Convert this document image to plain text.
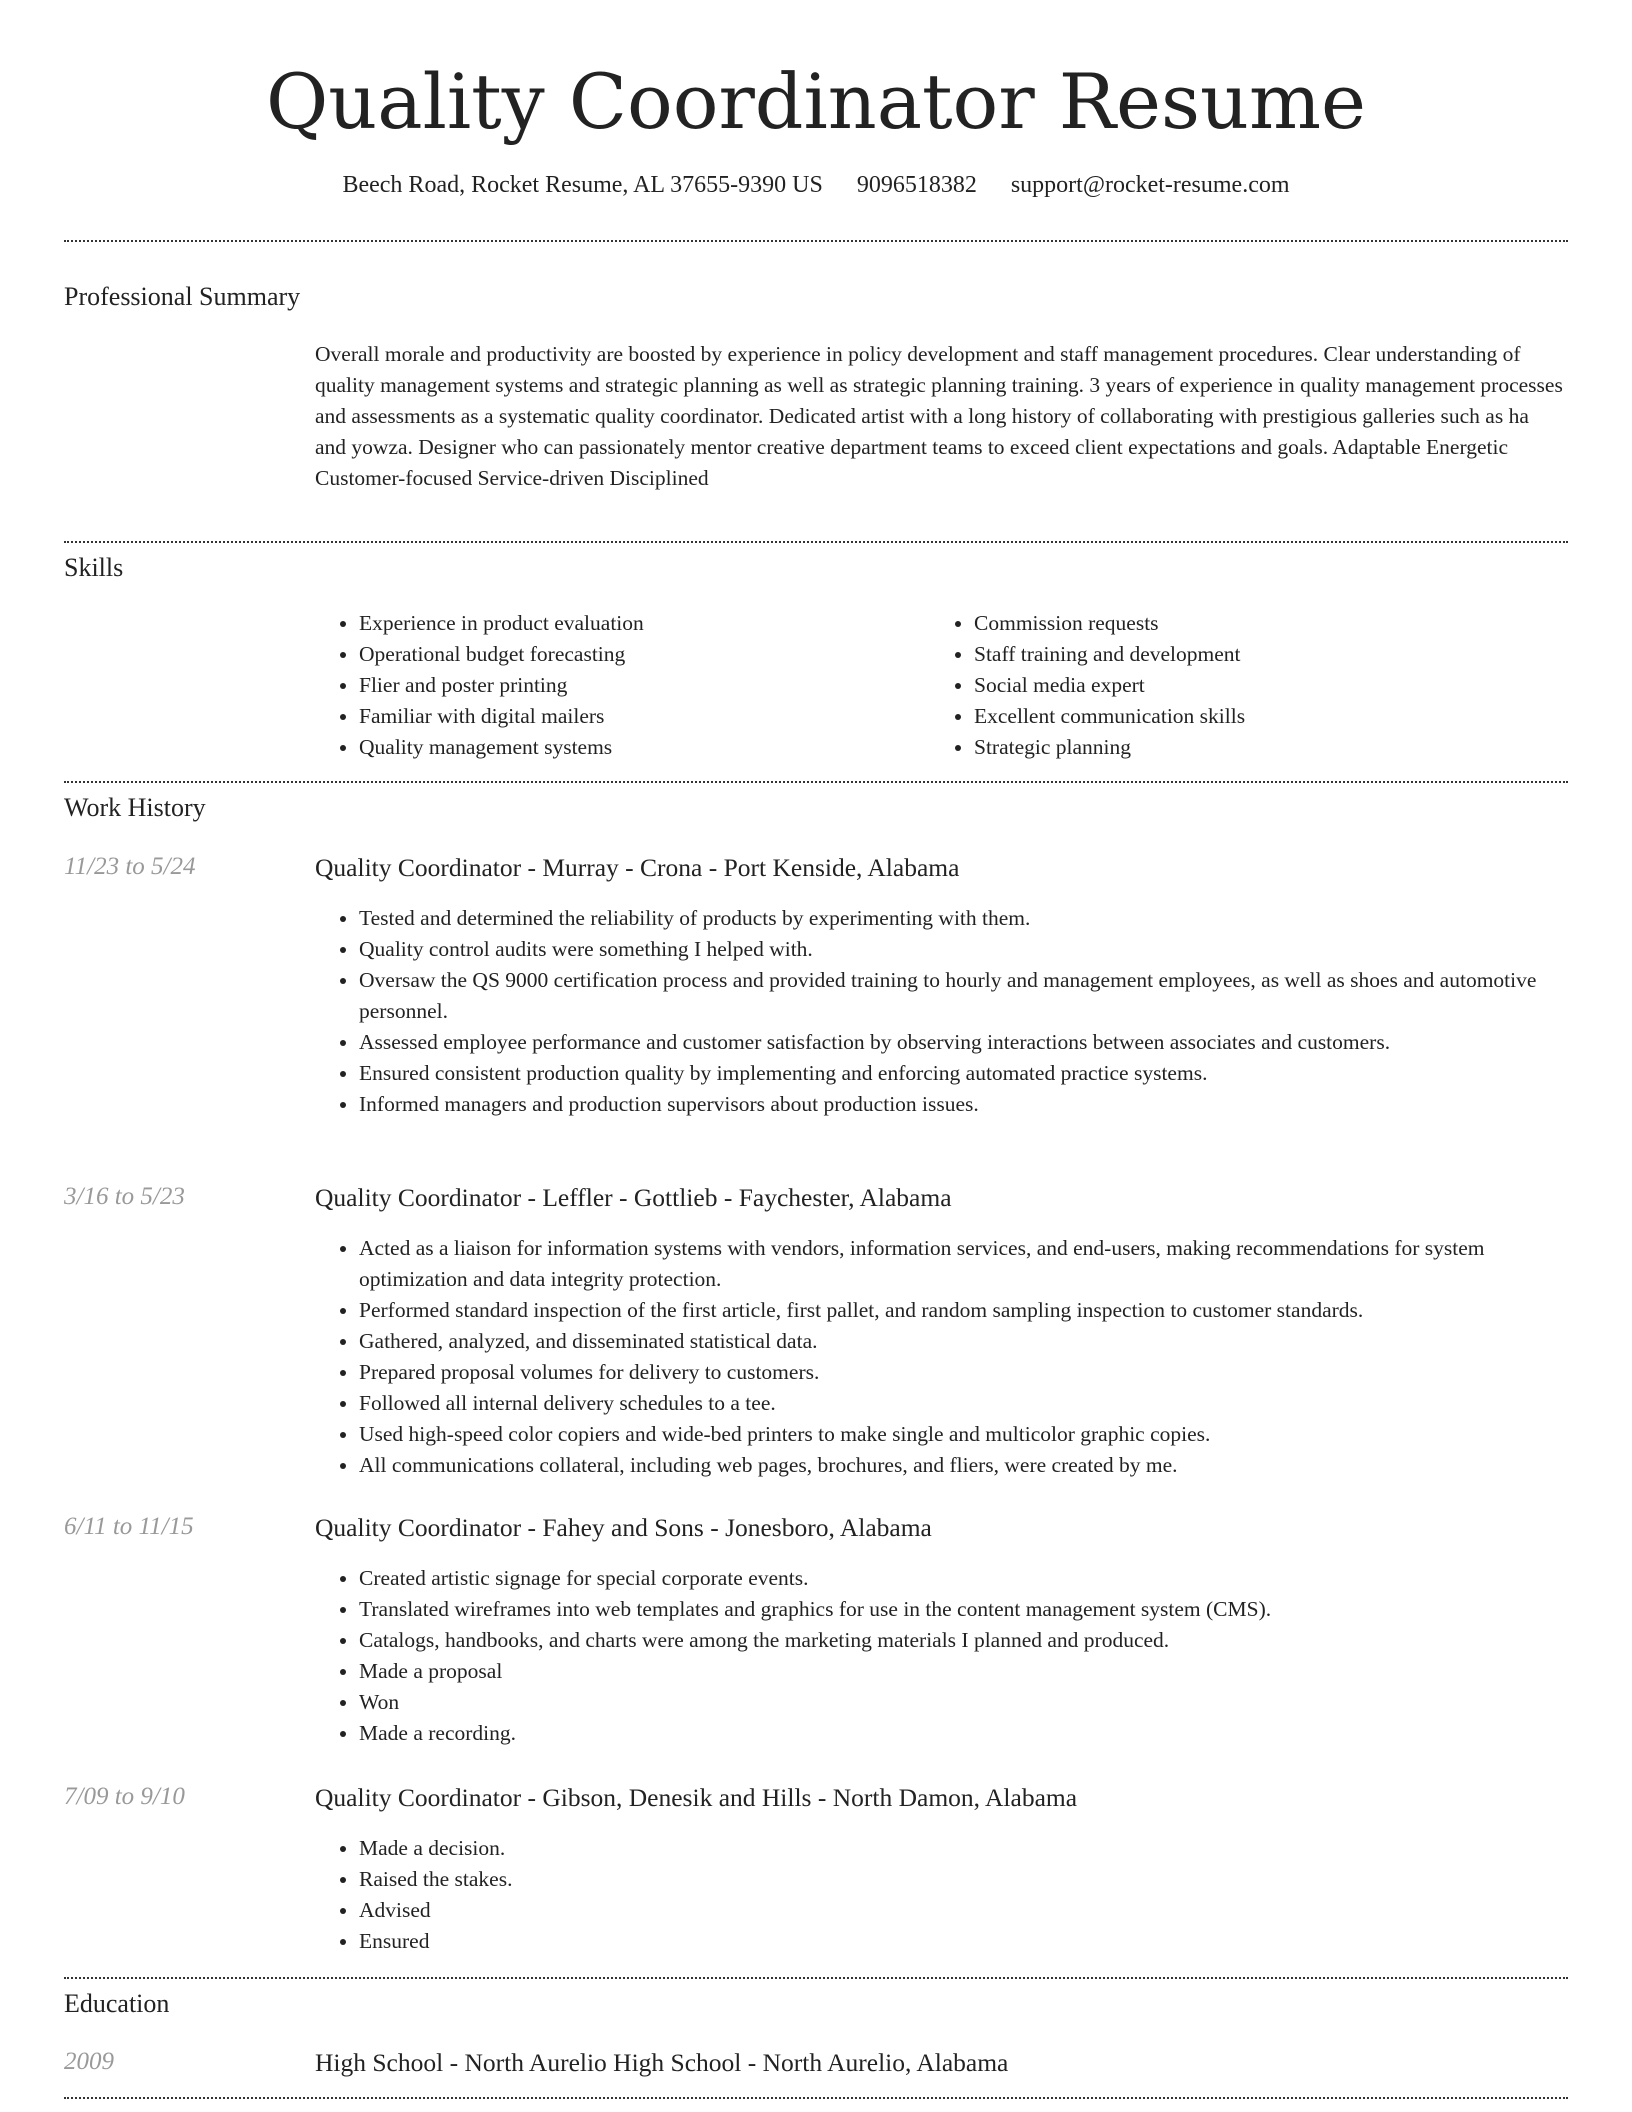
Quality Coordinator Resume
Beech Road, Rocket Resume, AL 37655-9390 US 9096518382 support@rocket-resume.com
Professional Summary
Overall morale and productivity are boosted by experience in policy development and staff management procedures. Clear understanding of quality management systems and strategic planning as well as strategic planning training. 3 years of experience in quality management processes and assessments as a systematic quality coordinator. Dedicated artist with a long history of collaborating with prestigious galleries such as ha and yowza. Designer who can passionately mentor creative department teams to exceed client expectations and goals. Adaptable Energetic Customer-focused Service-driven Disciplined
Skills
• Experience in product evaluation
• Operational budget forecasting
• Flier and poster printing
• Familiar with digital mailers
• Quality management systems
• Commission requests
• Staff training and development
• Social media expert
• Excellent communication skills
• Strategic planning
Work History
11/23 to 5/24	Quality Coordinator - Murray - Crona - Port Kenside, Alabama
• Tested and determined the reliability of products by experimenting with them.
• Quality control audits were something I helped with.
• Oversaw the QS 9000 certification process and provided training to hourly and management employees, as well as shoes and automotive personnel.
• Assessed employee performance and customer satisfaction by observing interactions between associates and customers.
• Ensured consistent production quality by implementing and enforcing automated practice systems.
• Informed managers and production supervisors about production issues.
3/16 to 5/23	Quality Coordinator - Leffler - Gottlieb - Faychester, Alabama
• Acted as a liaison for information systems with vendors, information services, and end-users, making recommendations for system optimization and data integrity protection.
• Performed standard inspection of the first article, first pallet, and random sampling inspection to customer standards.
• Gathered, analyzed, and disseminated statistical data.
• Prepared proposal volumes for delivery to customers.
• Followed all internal delivery schedules to a tee.
• Used high-speed color copiers and wide-bed printers to make single and multicolor graphic copies.
• All communications collateral, including web pages, brochures, and fliers, were created by me.
6/11 to 11/15	Quality Coordinator - Fahey and Sons - Jonesboro, Alabama
• Created artistic signage for special corporate events.
• Translated wireframes into web templates and graphics for use in the content management system (CMS).
• Catalogs, handbooks, and charts were among the marketing materials I planned and produced.
• Made a proposal
• Won
• Made a recording.
7/09 to 9/10	Quality Coordinator - Gibson, Denesik and Hills - North Damon, Alabama
• Made a decision.
• Raised the stakes.
• Advised
• Ensured
Education
2009	High School - North Aurelio High School - North Aurelio, Alabama
